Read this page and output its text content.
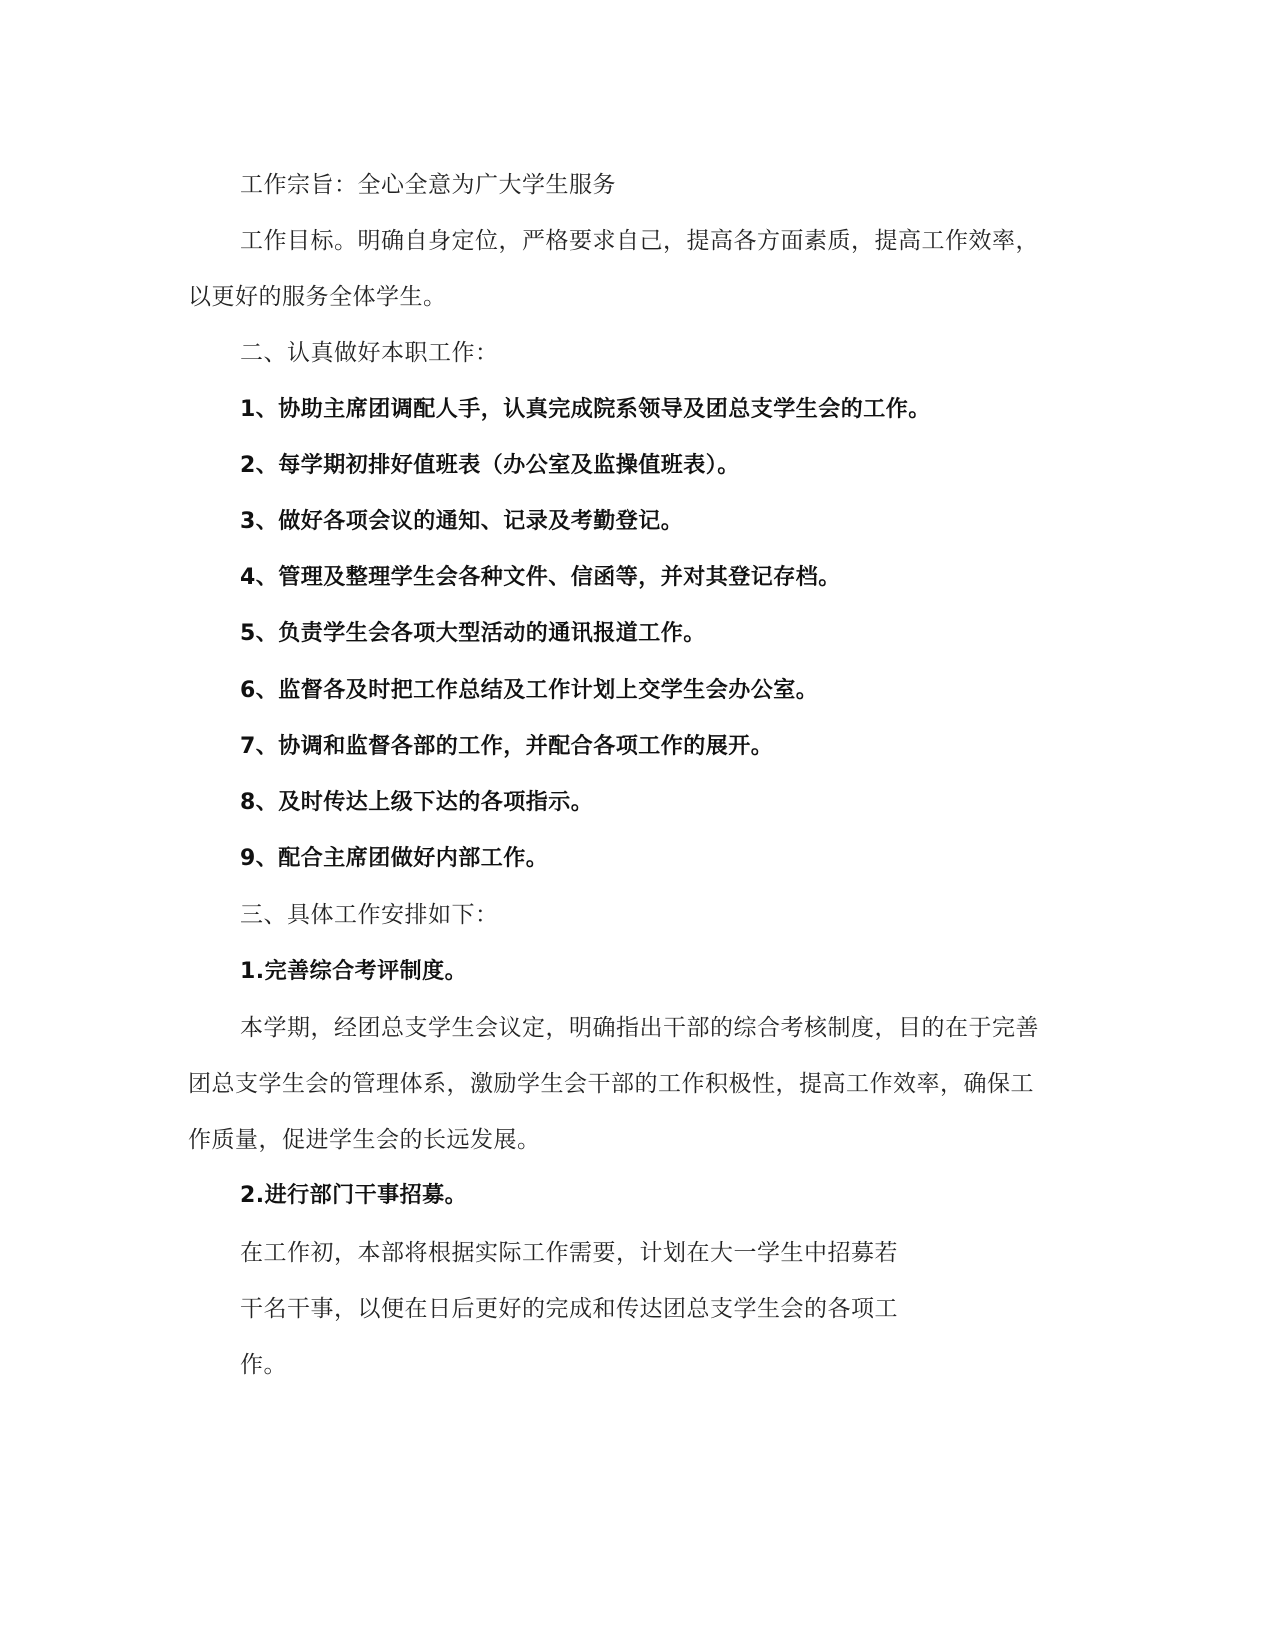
工作宗旨：全心全意为广大学生服务
工作目标。明确自身定位，严格要求自己，提高各方面素质，提高工作效率，
以更好的服务全体学生。
二、认真做好本职工作：
1、协助主席团调配人手，认真完成院系领导及团总支学生会的工作。
2、每学期初排好值班表（办公室及监操值班表）。
3、做好各项会议的通知、记录及考勤登记。
4、管理及整理学生会各种文件、信函等，并对其登记存档。
5、负责学生会各项大型活动的通讯报道工作。
6、监督各及时把工作总结及工作计划上交学生会办公室。
7、协调和监督各部的工作，并配合各项工作的展开。
8、及时传达上级下达的各项指示。
9、配合主席团做好内部工作。
三、具体工作安排如下：
1.完善综合考评制度。
本学期，经团总支学生会议定，明确指出干部的综合考核制度，目的在于完善
团总支学生会的管理体系，激励学生会干部的工作积极性，提高工作效率，确保工
作质量，促进学生会的长远发展。
2.进行部门干事招募。
在工作初，本部将根据实际工作需要，计划在大一学生中招募若
干名干事，以便在日后更好的完成和传达团总支学生会的各项工
作。
